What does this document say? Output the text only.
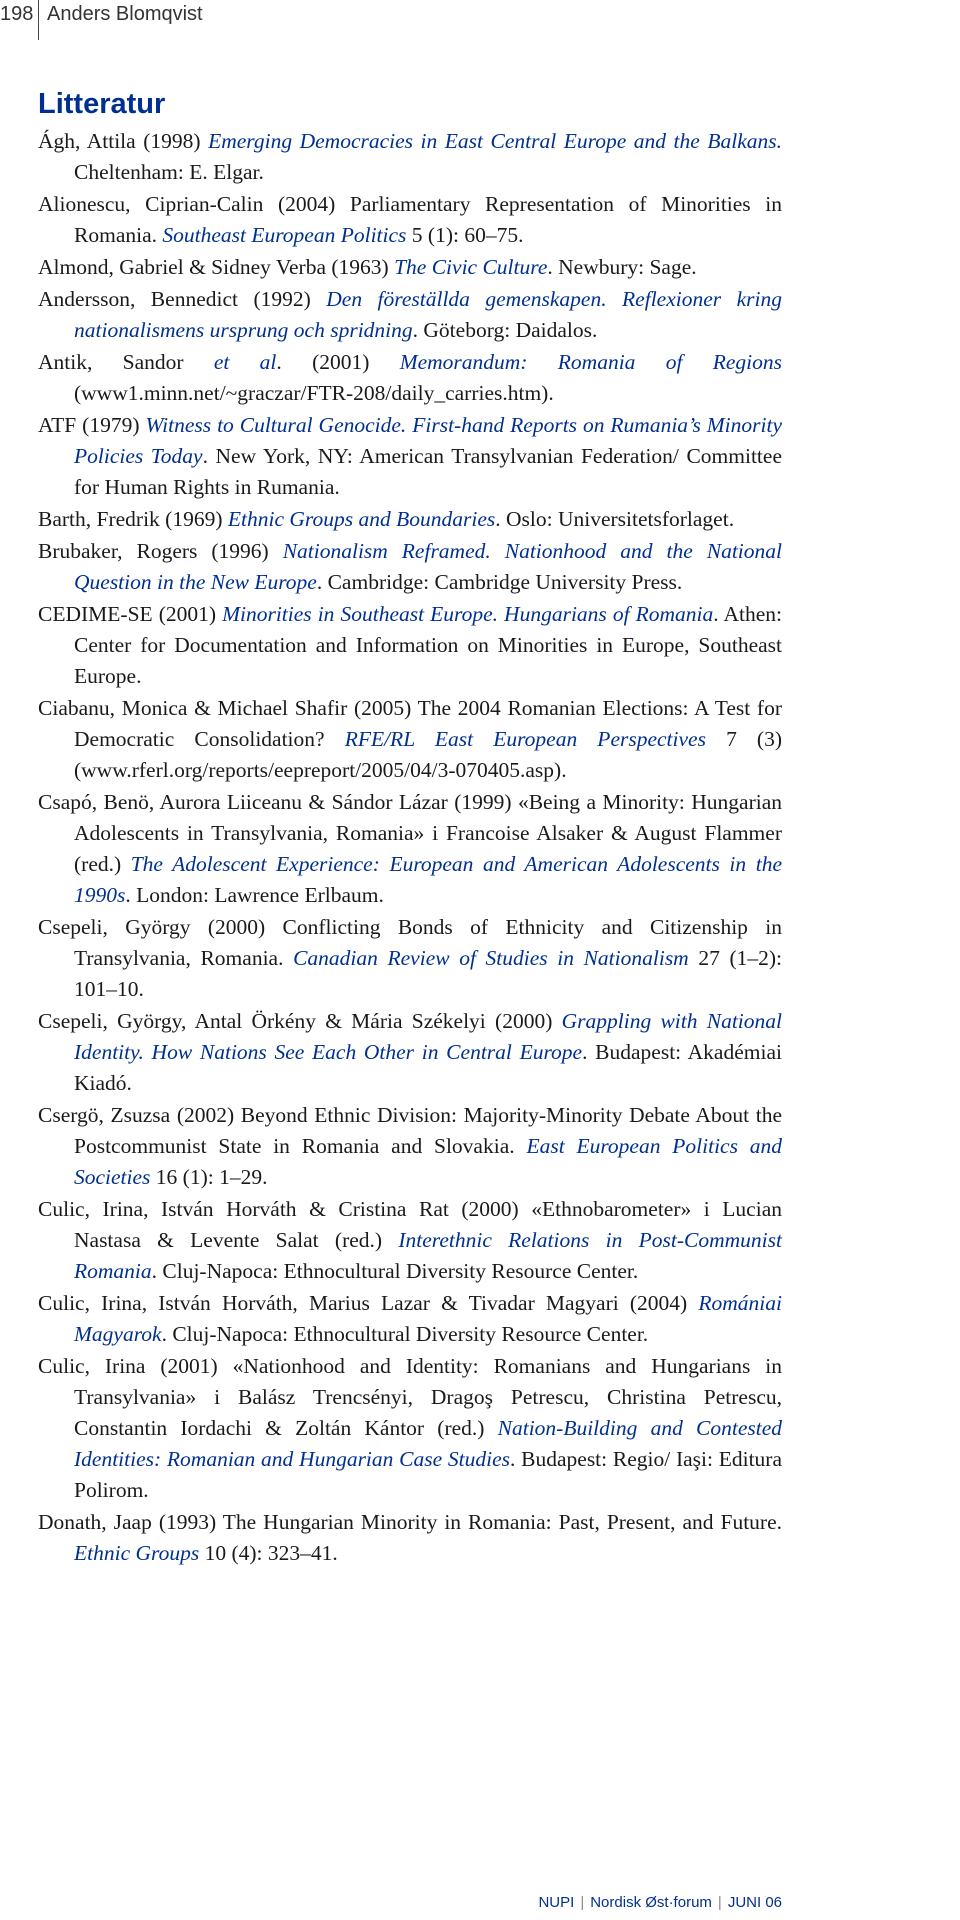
198 Anders Blomqvist
Litteratur
Ágh, Attila (1998) Emerging Democracies in East Central Europe and the Balkans. Cheltenham: E. Elgar.
Alionescu, Ciprian-Calin (2004) Parliamentary Representation of Minorities in Romania. Southeast European Politics 5 (1): 60–75.
Almond, Gabriel & Sidney Verba (1963) The Civic Culture. Newbury: Sage.
Andersson, Bennedict (1992) Den föreställda gemenskapen. Reflexioner kring nationalismens ursprung och spridning. Göteborg: Daidalos.
Antik, Sandor et al. (2001) Memorandum: Romania of Regions (www1.minn.net/~graczar/FTR-208/daily_carries.htm).
ATF (1979) Witness to Cultural Genocide. First-hand Reports on Rumania’s Minority Policies Today. New York, NY: American Transylvanian Federation/ Committee for Human Rights in Rumania.
Barth, Fredrik (1969) Ethnic Groups and Boundaries. Oslo: Universitetsforlaget.
Brubaker, Rogers (1996) Nationalism Reframed. Nationhood and the National Question in the New Europe. Cambridge: Cambridge University Press.
CEDIME-SE (2001) Minorities in Southeast Europe. Hungarians of Romania. Athen: Center for Documentation and Information on Minorities in Europe, Southeast Europe.
Ciabanu, Monica & Michael Shafir (2005) The 2004 Romanian Elections: A Test for Democratic Consolidation? RFE/RL East European Perspectives 7 (3) (www.rferl.org/reports/eepreport/2005/04/3-070405.asp).
Csapó, Benö, Aurora Liiceanu & Sándor Lázar (1999) «Being a Minority: Hungarian Adolescents in Transylvania, Romania» i Francoise Alsaker & August Flammer (red.) The Adolescent Experience: European and American Adolescents in the 1990s. London: Lawrence Erlbaum.
Csepeli, György (2000) Conflicting Bonds of Ethnicity and Citizenship in Transylvania, Romania. Canadian Review of Studies in Nationalism 27 (1–2): 101–10.
Csepeli, György, Antal Örkény & Mária Székelyi (2000) Grappling with National Identity. How Nations See Each Other in Central Europe. Budapest: Akadémiai Kiadó.
Csergö, Zsuzsa (2002) Beyond Ethnic Division: Majority-Minority Debate About the Postcommunist State in Romania and Slovakia. East European Politics and Societies 16 (1): 1–29.
Culic, Irina, István Horváth & Cristina Rat (2000) «Ethnobarometer» i Lucian Nastasa & Levente Salat (red.) Interethnic Relations in Post-Communist Romania. Cluj-Napoca: Ethnocultural Diversity Resource Center.
Culic, Irina, István Horváth, Marius Lazar & Tivadar Magyari (2004) Romániai Magyarok. Cluj-Napoca: Ethnocultural Diversity Resource Center.
Culic, Irina (2001) «Nationhood and Identity: Romanians and Hungarians in Transylvania» i Balász Trencsényi, Dragoş Petrescu, Christina Petrescu, Constantin Iordachi & Zoltán Kántor (red.) Nation-Building and Contested Identities: Romanian and Hungarian Case Studies. Budapest: Regio/ Iaşi: Editura Polirom.
Donath, Jaap (1993) The Hungarian Minority in Romania: Past, Present, and Future. Ethnic Groups 10 (4): 323–41.
NUPI | Nordisk Øst·forum | JUNI 06
